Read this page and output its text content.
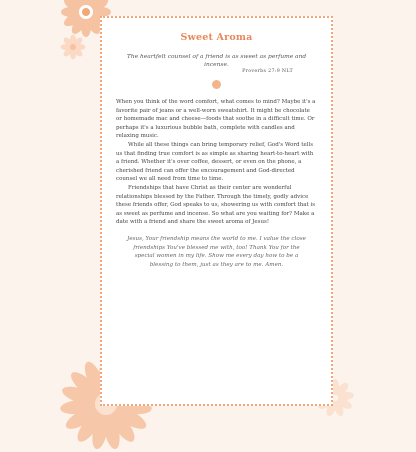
Sweet Aroma
The heartfelt counsel of a friend is as sweet as perfume and incense.
Proverbs 27:9 NLT

When you think of the word comfort, what comes to mind? Maybe it's a favorite pair of jeans or a well-worn sweatshirt. It might be chocolate or homemade mac and cheese—foods that soothe in a difficult time. Or perhaps it's a luxurious bubble bath, complete with candles and relaxing music.

While all these things can bring temporary relief, God's Word tells us that finding true comfort is as simple as sharing heart-to-heart with a friend. Whether it's over coffee, dessert, or even on the phone, a cherished friend can offer the encouragement and God-directed counsel we all need from time to time.

Friendships that have Christ as their center are wonderful relationships blessed by the Father. Through the timely, godly advice these friends offer, God speaks to us, showering us with comfort that is as sweet as perfume and incense. So what are you waiting for? Make a date with a friend and share the sweet aroma of Jesus!

Jesus, Your friendship means the world to me. I value the close friendships You've blessed me with, too! Thank You for the special women in my life. Show me every day how to be a blessing to them, just as they are to me. Amen.
